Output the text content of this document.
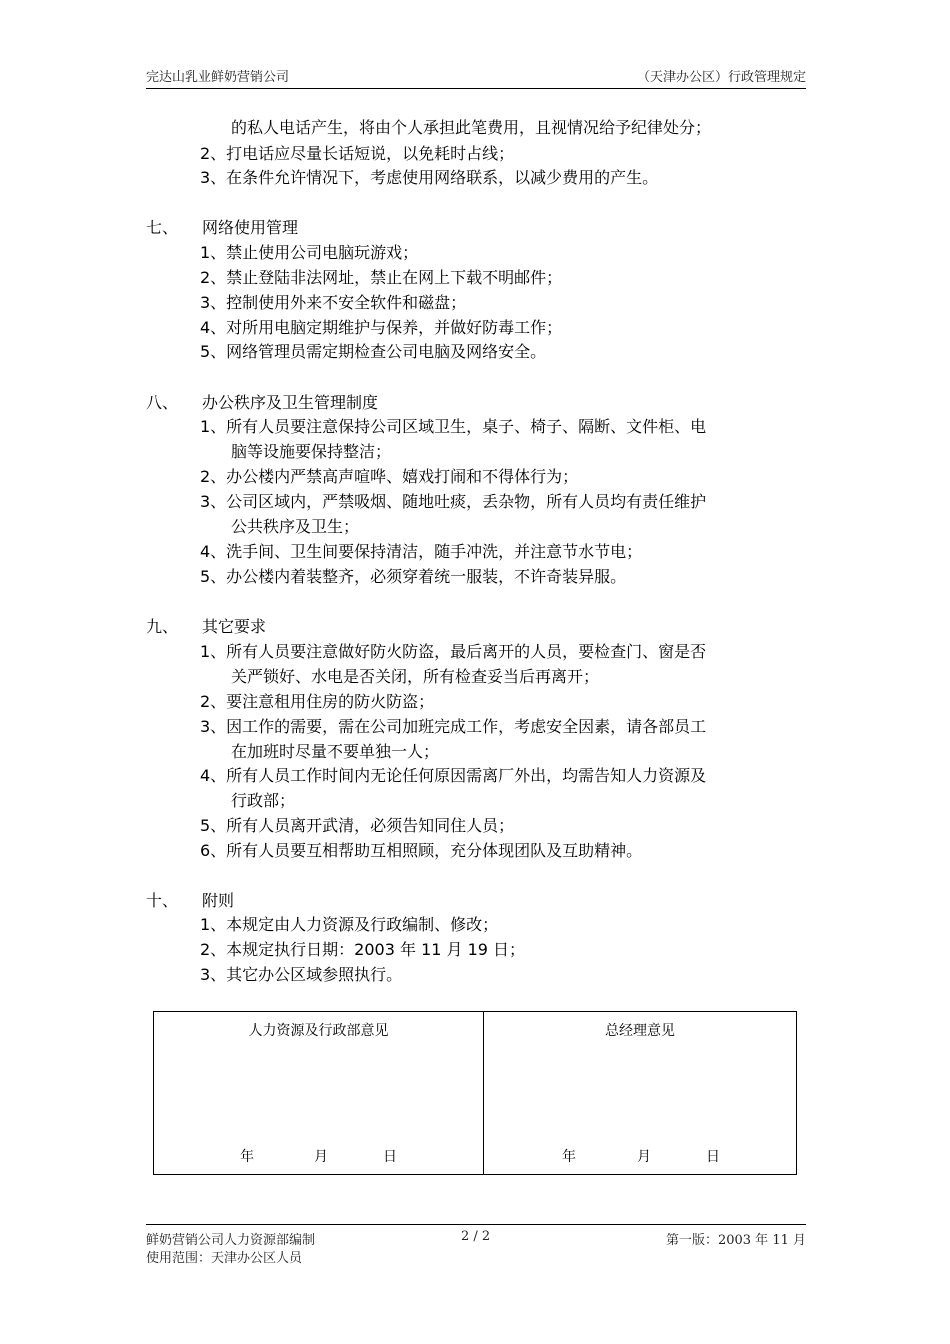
完达山乳业鲜奶营销公司	（天津办公区）行政管理规定
的私人电话产生，将由个人承担此笔费用，且视情况给予纪律处分；
2、打电话应尽量长话短说，以免耗时占线；
3、在条件允许情况下，考虑使用网络联系，以减少费用的产生。
七、 网络使用管理
1、禁止使用公司电脑玩游戏；
2、禁止登陆非法网址，禁止在网上下载不明邮件；
3、控制使用外来不安全软件和磁盘；
4、对所用电脑定期维护与保养，并做好防毒工作；
5、网络管理员需定期检查公司电脑及网络安全。
八、 办公秩序及卫生管理制度
1、所有人员要注意保持公司区域卫生，桌子、椅子、隔断、文件柜、电
脑等设施要保持整洁；
2、办公楼内严禁高声喧哗、嬉戏打闹和不得体行为；
3、公司区域内，严禁吸烟、随地吐痰，丢杂物，所有人员均有责任维护
公共秩序及卫生；
4、洗手间、卫生间要保持清洁，随手冲洗，并注意节水节电；
5、办公楼内着装整齐，必须穿着统一服装，不许奇装异服。
九、 其它要求
1、所有人员要注意做好防火防盗，最后离开的人员，要检查门、窗是否
关严锁好、水电是否关闭，所有检查妥当后再离开；
2、要注意租用住房的防火防盗；
3、因工作的需要，需在公司加班完成工作，考虑安全因素，请各部员工
在加班时尽量不要单独一人；
4、所有人员工作时间内无论任何原因需离厂外出，均需告知人力资源及
行政部；
5、所有人员离开武清，必须告知同住人员；
6、所有人员要互相帮助互相照顾，充分体现团队及互助精神。
十、 附则
1、本规定由人力资源及行政编制、修改；
2、本规定执行日期：2003 年 11 月 19 日；
3、其它办公区域参照执行。
人力资源及行政部意见
年	月	日

总经理意见
年	月	日
鲜奶营销公司人力资源部编制	2 / 2	第一版：2003 年 11 月
使用范围：天津办公区人员
